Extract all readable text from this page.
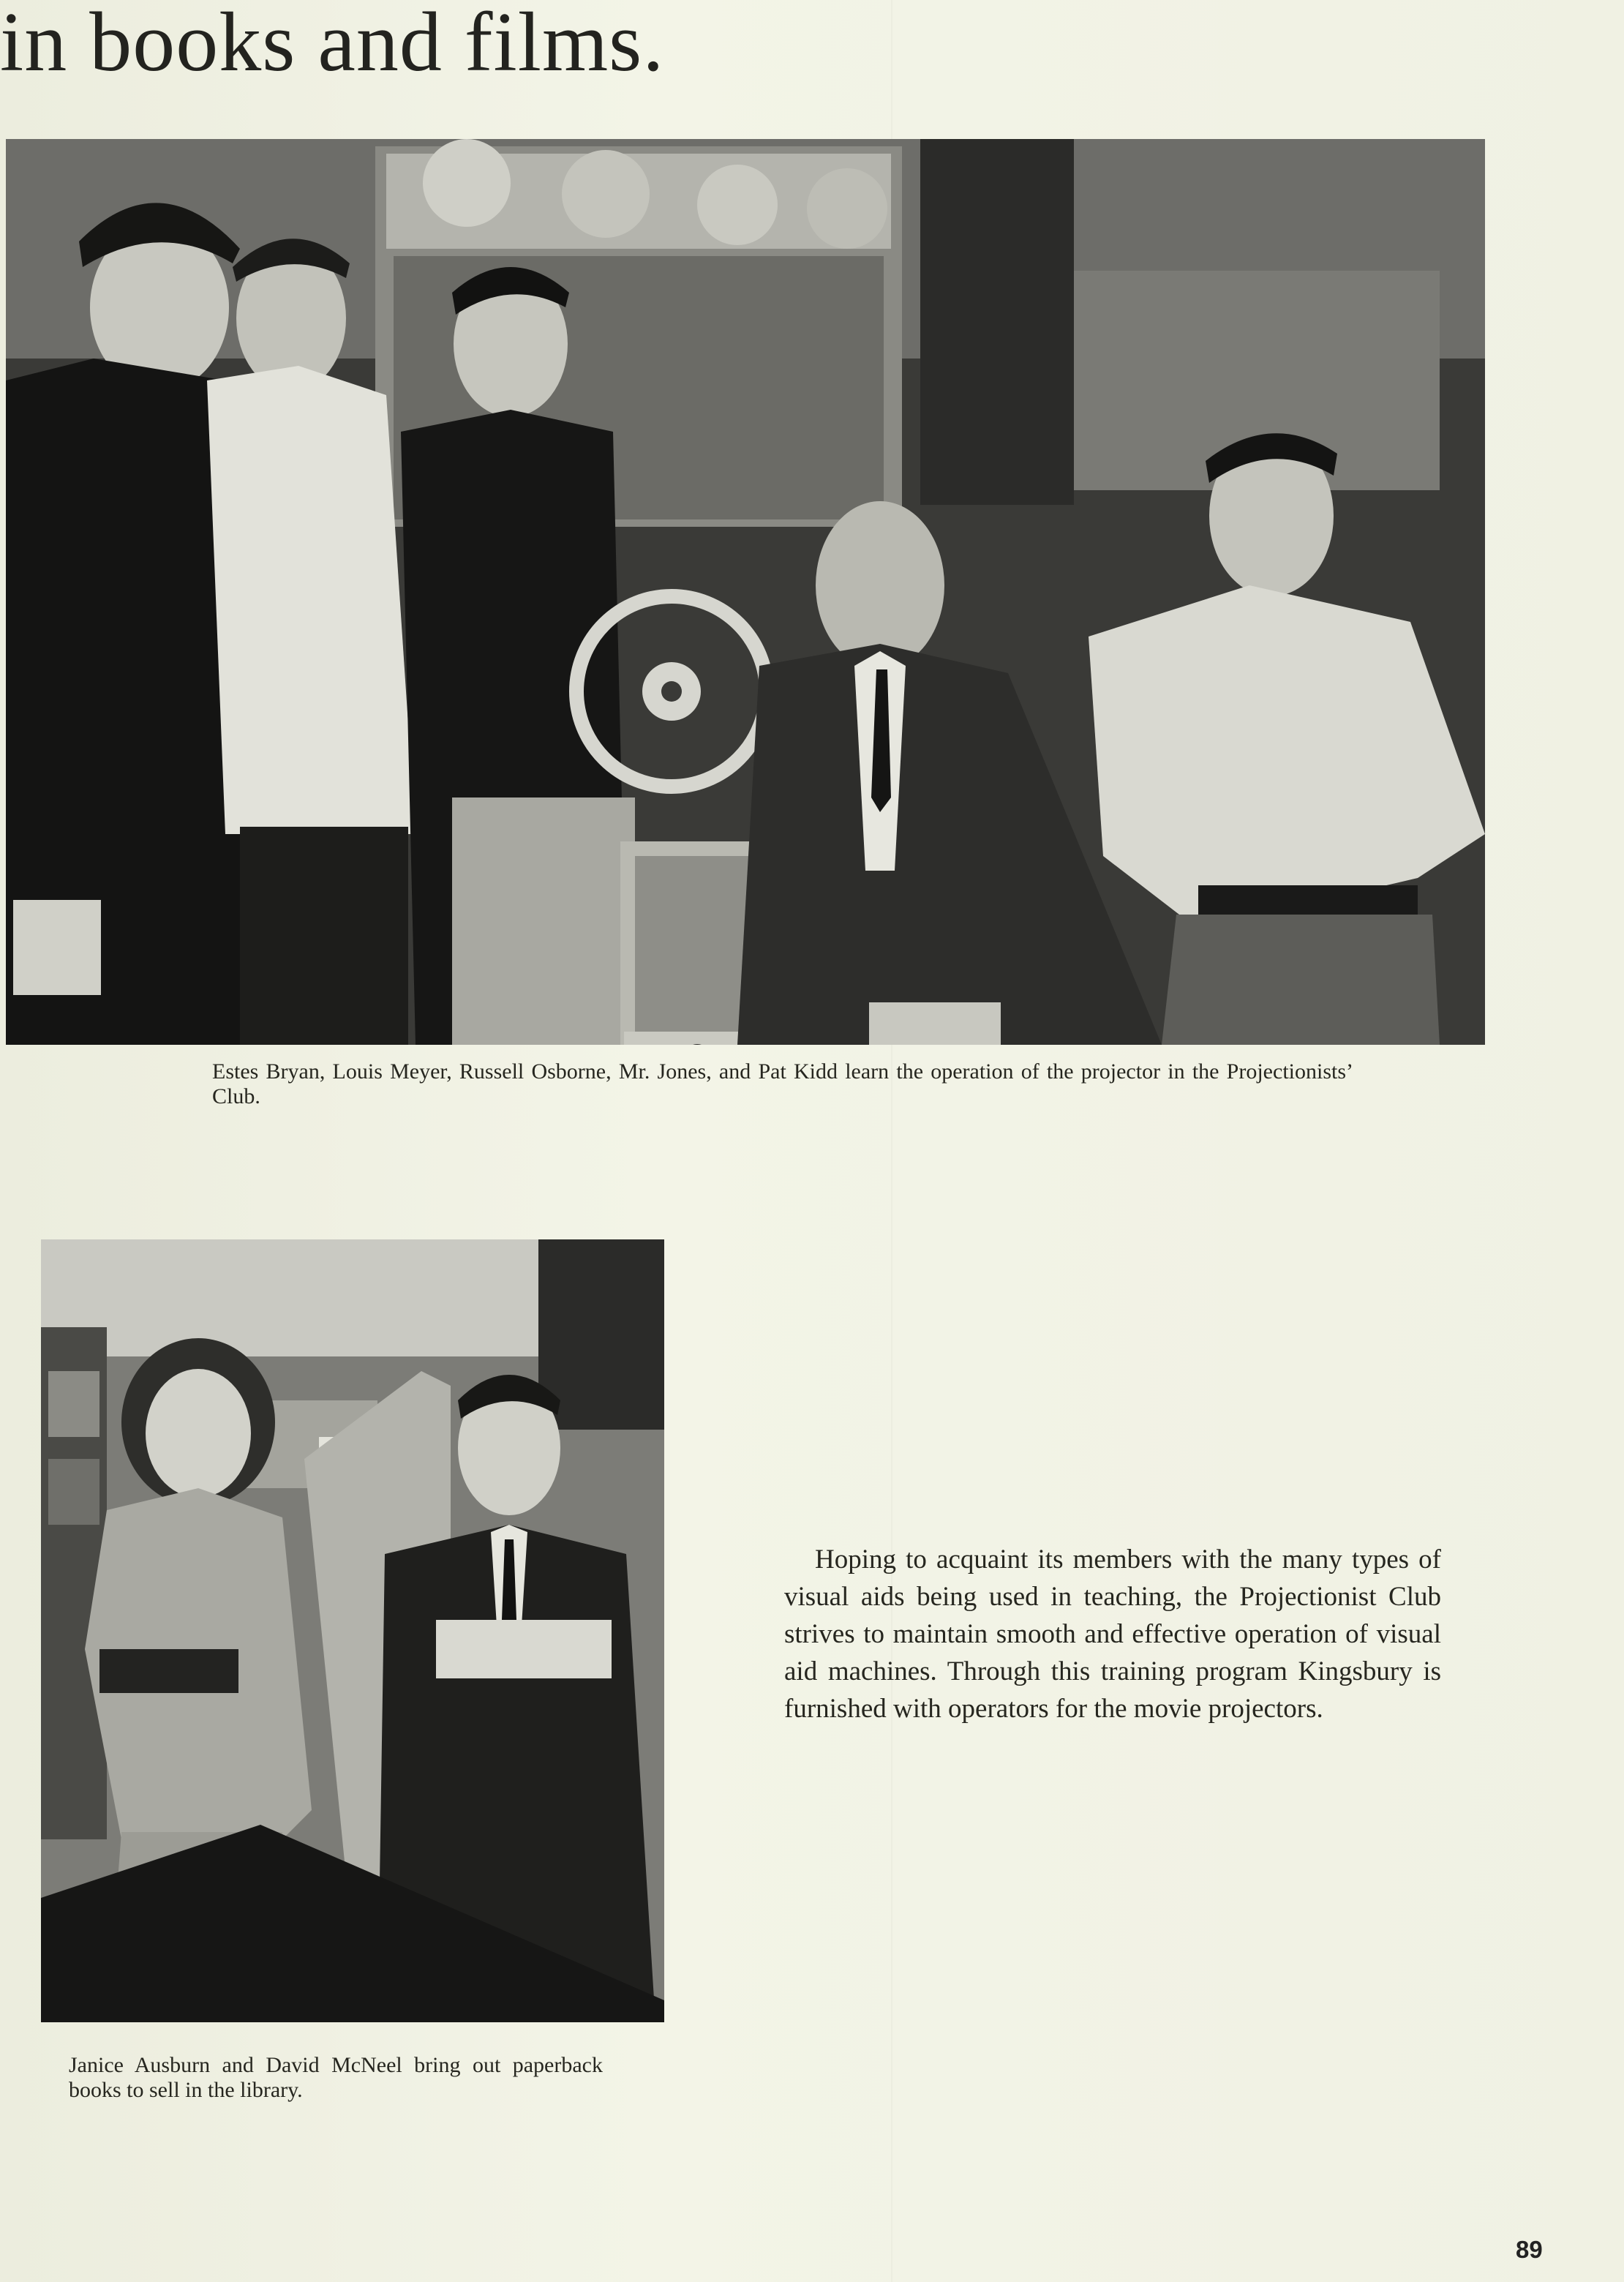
in books and films.

Estes Bryan, Louis Meyer, Russell Osborne, Mr. Jones, and Pat Kidd learn the operation of the projector in the Projectionists’ Club.

Janice Ausburn and David McNeel bring out paperback books to sell in the library.

Hoping to acquaint its members with the many types of visual aids being used in teaching, the Projectionist Club strives to maintain smooth and effective operation of visual aid machines. Through this training program Kingsbury is furnished with operators for the movie projectors.

89
